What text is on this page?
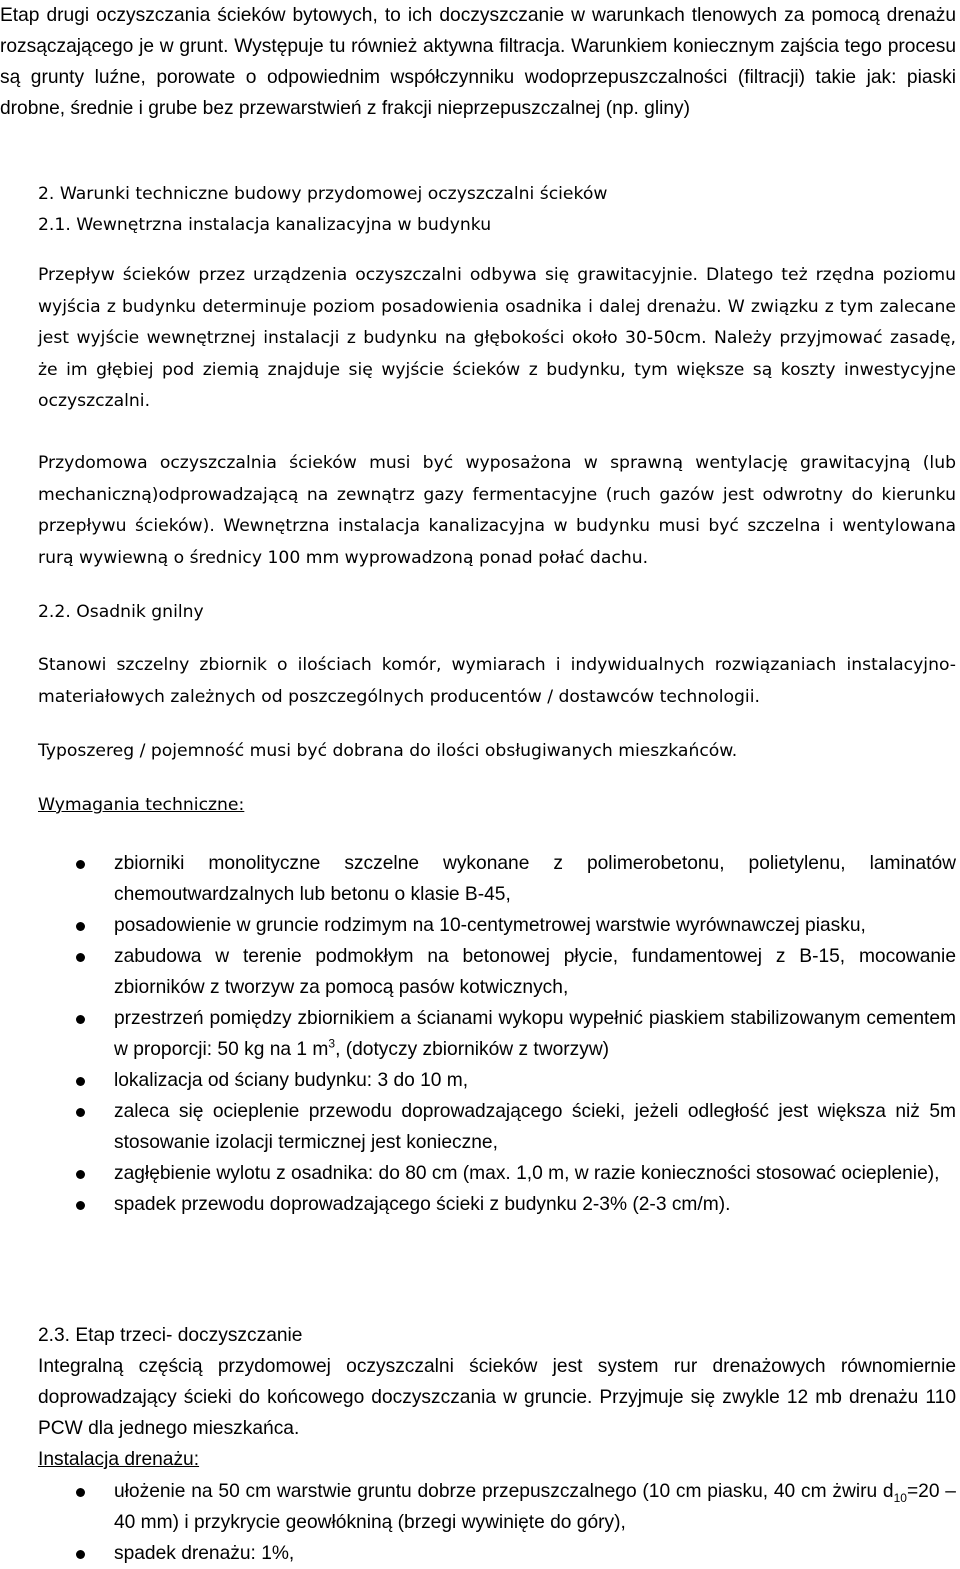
Etap drugi oczyszczania ścieków bytowych, to ich doczyszczanie w warunkach tlenowych za pomocą drenażu rozsączającego je w grunt. Występuje tu również aktywna filtracja. Warunkiem koniecznym zajścia tego procesu są grunty luźne, porowate o odpowiednim współczynniku wodoprzepuszczalności (filtracji) takie jak: piaski drobne, średnie i grube bez przewarstwień z frakcji nieprzepuszczalnej (np. gliny)

2. Warunki techniczne budowy przydomowej oczyszczalni ścieków
2.1. Wewnętrzna instalacja kanalizacyjna w budynku

Przepływ ścieków przez urządzenia oczyszczalni odbywa się grawitacyjnie. Dlatego też rzędna poziomu wyjścia z budynku determinuje poziom posadowienia osadnika i dalej drenażu. W związku z tym zalecane jest wyjście wewnętrznej instalacji z budynku na głębokości około 30-50cm. Należy przyjmować zasadę, że im głębiej pod ziemią znajduje się wyjście ścieków z budynku, tym większe są koszty inwestycyjne oczyszczalni.

Przydomowa oczyszczalnia ścieków musi być wyposażona w sprawną wentylację grawitacyjną (lub mechaniczną)odprowadzającą na zewnątrz gazy fermentacyjne (ruch gazów jest odwrotny do kierunku przepływu ścieków). Wewnętrzna instalacja kanalizacyjna w budynku musi być szczelna i wentylowana rurą wywiewną o średnicy 100 mm wyprowadzoną ponad połać dachu.

2.2. Osadnik gnilny

Stanowi szczelny zbiornik o ilościach komór, wymiarach i indywidualnych rozwiązaniach instalacyjno-materiałowych zależnych od poszczególnych producentów / dostawców technologii.

Typoszereg / pojemność musi być dobrana do ilości obsługiwanych mieszkańców.

Wymagania techniczne:
zbiorniki monolityczne szczelne wykonane z polimerobetonu, polietylenu, laminatów chemoutwardzalnych lub betonu o klasie B-45,
posadowienie w gruncie rodzimym na 10-centymetrowej warstwie wyrównawczej piasku,
zabudowa w terenie podmokłym na betonowej płycie, fundamentowej z B-15, mocowanie zbiorników z tworzyw za pomocą pasów kotwicznych,
przestrzeń pomiędzy zbiornikiem a ścianami wykopu wypełnić piaskiem stabilizowanym cementem w proporcji: 50 kg na 1 $m^3$, (dotyczy zbiorników z tworzyw)
lokalizacja od ściany budynku: 3 do 10 m,
zaleca się ocieplenie przewodu doprowadzającego ścieki, jeżeli odległość jest większa niż 5m stosowanie izolacji termicznej jest konieczne,
zagłębienie wylotu z osadnika: do 80 cm (max. 1,0 m, w razie konieczności stosować ocieplenie),
spadek przewodu doprowadzającego ścieki z budynku 2-3% (2-3 cm/m).
2.3. Etap trzeci- doczyszczanie

Integralną częścią przydomowej oczyszczalni ścieków jest system rur drenażowych równomiernie doprowadzający ścieki do końcowego doczyszczania w gruncie. Przyjmuje się zwykle 12 mb drenażu 110 PCW dla jednego mieszkańca.

Instalacja drenażu:
ułożenie na 50 cm warstwie gruntu dobrze przepuszczalnego (10 cm piasku, 40 cm żwiru $d_{10}=20$ –40 mm) i przykrycie geowłókniną (brzegi wywinięte do góry),
spadek drenażu: 1%,
